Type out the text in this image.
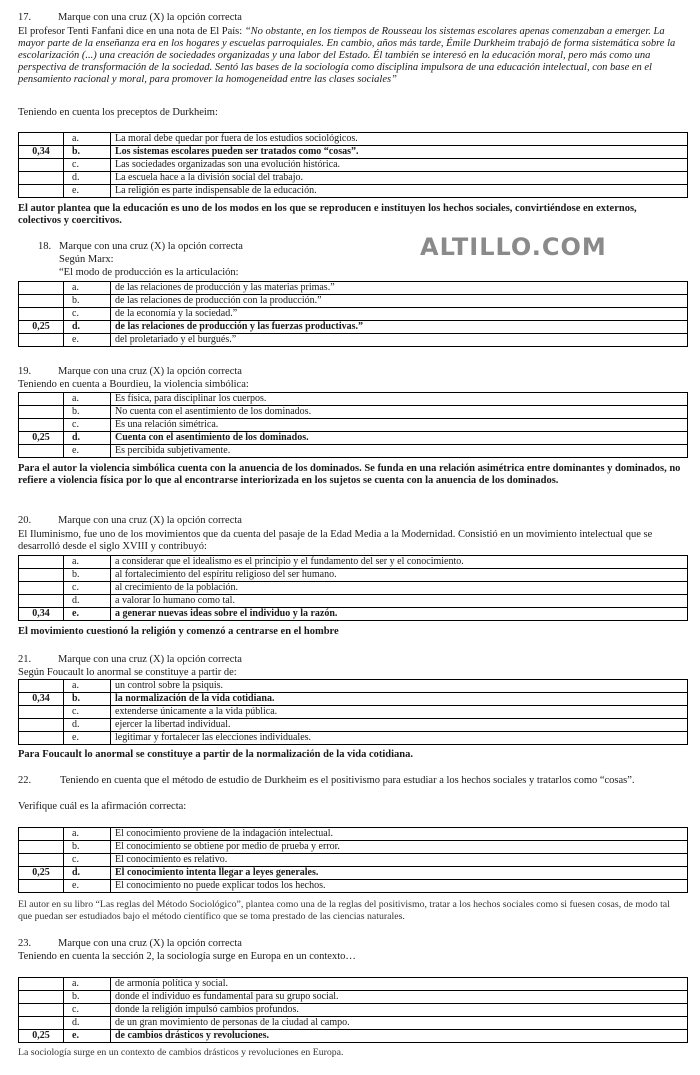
ALTILLO.COM
17.	Marque con una cruz (X) la opción correcta
El profesor Tenti Fanfani dice en una nota de El País: “No obstante, en los tiempos de Rousseau los sistemas escolares apenas comenzaban a emerger. La mayor parte de la enseñanza era en los hogares y escuelas parroquiales. En cambio, años más tarde, Émile Durkheim trabajó de forma sistemática sobre la escolarización (...) una creación de sociedades organizadas y una labor del Estado. Él también se interesó en la educación moral, pero más como una perspectiva de transformación de la sociedad. Sentó las bases de la sociología como disciplina impulsora de una educación intelectual, con base en el pensamiento racional y moral, para promover la homogeneidad entre las clases sociales”
Teniendo en cuenta los preceptos de Durkheim:
	a.	La moral debe quedar por fuera de los estudios sociológicos.
0,34	b.	Los sistemas escolares pueden ser tratados como “cosas”.
	c.	Las sociedades organizadas son una evolución histórica.
	d.	La escuela hace a la división social del trabajo.
	e.	La religión es parte indispensable de la educación.
El autor plantea que la educación es uno de los modos en los que se reproducen e instituyen los hechos sociales, convirtiéndose en externos, colectivos y coercitivos.
18. Marque con una cruz (X) la opción correcta
Según Marx:
“El modo de producción es la articulación:
	a.	de las relaciones de producción y las materias primas.”
	b.	de las relaciones de producción con la producción.”
	c.	de la economía y la sociedad.”
0,25	d.	de las relaciones de producción y las fuerzas productivas.”
	e.	del proletariado y el burgués.”
19.	Marque con una cruz (X) la opción correcta
Teniendo en cuenta a Bourdieu, la violencia simbólica:
	a.	Es física, para disciplinar los cuerpos.
	b.	No cuenta con el asentimiento de los dominados.
	c.	Es una relación simétrica.
0,25	d.	Cuenta con el asentimiento de los dominados.
	e.	Es percibida subjetivamente.
Para el autor la violencia simbólica cuenta con la anuencia de los dominados. Se funda en una relación asimétrica entre dominantes y dominados, no refiere a violencia física por lo que al encontrarse interiorizada en los sujetos se cuenta con la anuencia de los dominados.
20.	Marque con una cruz (X) la opción correcta
El Iluminismo, fue uno de los movimientos que da cuenta del pasaje de la Edad Media a la Modernidad. Consistió en un movimiento intelectual que se desarrolló desde el siglo XVIII y contribuyó:
	a.	a considerar que el idealismo es el principio y el fundamento del ser y el conocimiento.
	b.	al fortalecimiento del espíritu religioso del ser humano.
	c.	al crecimiento de la población.
	d.	a valorar lo humano como tal.
0,34	e.	a generar nuevas ideas sobre el individuo y la razón.
El movimiento cuestionó la religión y comenzó a centrarse en el hombre
21.	Marque con una cruz (X) la opción correcta
Según Foucault lo anormal se constituye a partir de:
	a.	un control sobre la psiquis.
0,34	b.	la normalización de la vida cotidiana.
	c.	extenderse únicamente a la vida pública.
	d.	ejercer la libertad individual.
	e.	legitimar y fortalecer las elecciones individuales.
Para Foucault lo anormal se constituye a partir de la normalización de la vida cotidiana.
22.	Teniendo en cuenta que el método de estudio de Durkheim es el positivismo para estudiar a los hechos sociales y tratarlos como “cosas”.
Verifique cuál es la afirmación correcta:
	a.	El conocimiento proviene de la indagación intelectual.
	b.	El conocimiento se obtiene por medio de prueba y error.
	c.	El conocimiento es relativo.
0,25	d.	El conocimiento intenta llegar a leyes generales.
	e.	El conocimiento no puede explicar todos los hechos.
El autor en su libro “Las reglas del Método Sociológico”, plantea como una de la reglas del positivismo, tratar a los hechos sociales como si fuesen cosas, de modo tal que puedan ser estudiados bajo el método científico que se toma prestado de las ciencias naturales.
23.	Marque con una cruz (X) la opción correcta
Teniendo en cuenta la sección 2, la sociología surge en Europa en un contexto…
	a.	de armonía política y social.
	b.	donde el individuo es fundamental para su grupo social.
	c.	donde la religión impulsó cambios profundos.
	d.	de un gran movimiento de personas de la ciudad al campo.
0,25	e.	de cambios drásticos y revoluciones.
La sociología surge en un contexto de cambios drásticos y revoluciones en Europa.
